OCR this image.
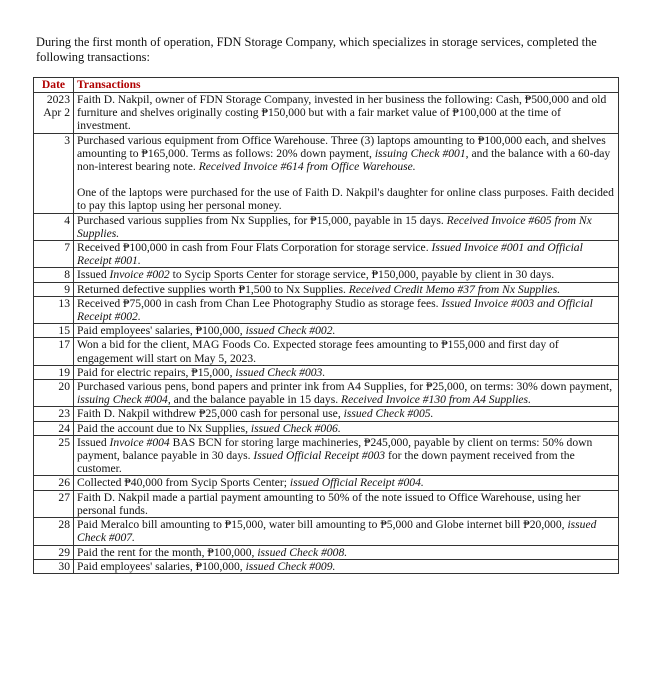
During the first month of operation, FDN Storage Company, which specializes in storage services, completed the following transactions:
Date	Transactions

2023
Apr 2	Faith D. Nakpil, owner of FDN Storage Company, invested in her business the following: Cash, ₱500,000 and old furniture and shelves originally costing ₱150,000 but with a fair market value of ₱100,000 at the time of investment.

3	Purchased various equipment from Office Warehouse. Three (3) laptops amounting to ₱100,000 each, and shelves amounting to ₱165,000. Terms as follows: 20% down payment, issuing Check #001, and the balance with a 60-day non-interest bearing note. Received Invoice #614 from Office Warehouse.
One of the laptops were purchased for the use of Faith D. Nakpil's daughter for online class purposes. Faith decided to pay this laptop using her personal money.

4	Purchased various supplies from Nx Supplies, for ₱15,000, payable in 15 days. Received Invoice #605 from Nx Supplies.

7	Received ₱100,000 in cash from Four Flats Corporation for storage service. Issued Invoice #001 and Official Receipt #001.

8	Issued Invoice #002 to Sycip Sports Center for storage service, ₱150,000, payable by client in 30 days.

9	Returned defective supplies worth ₱1,500 to Nx Supplies. Received Credit Memo #37 from Nx Supplies.

13	Received ₱75,000 in cash from Chan Lee Photography Studio as storage fees. Issued Invoice #003 and Official Receipt #002.

15	Paid employees' salaries, ₱100,000, issued Check #002.

17	Won a bid for the client, MAG Foods Co. Expected storage fees amounting to ₱155,000 and first day of engagement will start on May 5, 2023.

19	Paid for electric repairs, ₱15,000, issued Check #003.

20	Purchased various pens, bond papers and printer ink from A4 Supplies, for ₱25,000, on terms: 30% down payment, issuing Check #004, and the balance payable in 15 days. Received Invoice #130 from A4 Supplies.

23	Faith D. Nakpil withdrew ₱25,000 cash for personal use, issued Check #005.

24	Paid the account due to Nx Supplies, issued Check #006.

25	Issued Invoice #004 BAS BCN for storing large machineries, ₱245,000, payable by client on terms: 50% down payment, balance payable in 30 days. Issued Official Receipt #003 for the down payment received from the customer.

26	Collected ₱40,000 from Sycip Sports Center; issued Official Receipt #004.

27	Faith D. Nakpil made a partial payment amounting to 50% of the note issued to Office Warehouse, using her personal funds.

28	Paid Meralco bill amounting to ₱15,000, water bill amounting to ₱5,000 and Globe internet bill ₱20,000, issued Check #007.

29	Paid the rent for the month, ₱100,000, issued Check #008.

30	Paid employees' salaries, ₱100,000, issued Check #009.
